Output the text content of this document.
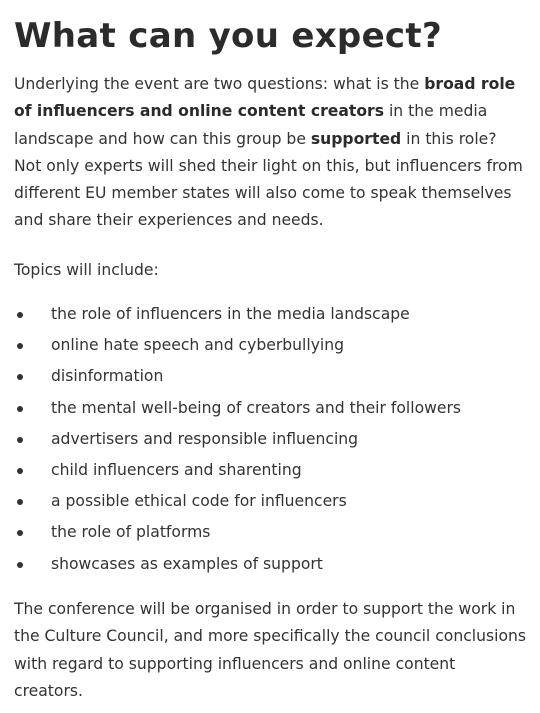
What can you expect?

Underlying the event are two questions: what is the broad role of influencers and online content creators in the media landscape and how can this group be supported in this role? Not only experts will shed their light on this, but influencers from different EU member states will also come to speak themselves and share their experiences and needs.

Topics will include:

the role of influencers in the media landscape
online hate speech and cyberbullying
disinformation
the mental well-being of creators and their followers
advertisers and responsible influencing
child influencers and sharenting
a possible ethical code for influencers
the role of platforms
showcases as examples of support

The conference will be organised in order to support the work in the Culture Council, and more specifically the council conclusions with regard to supporting influencers and online content creators.
